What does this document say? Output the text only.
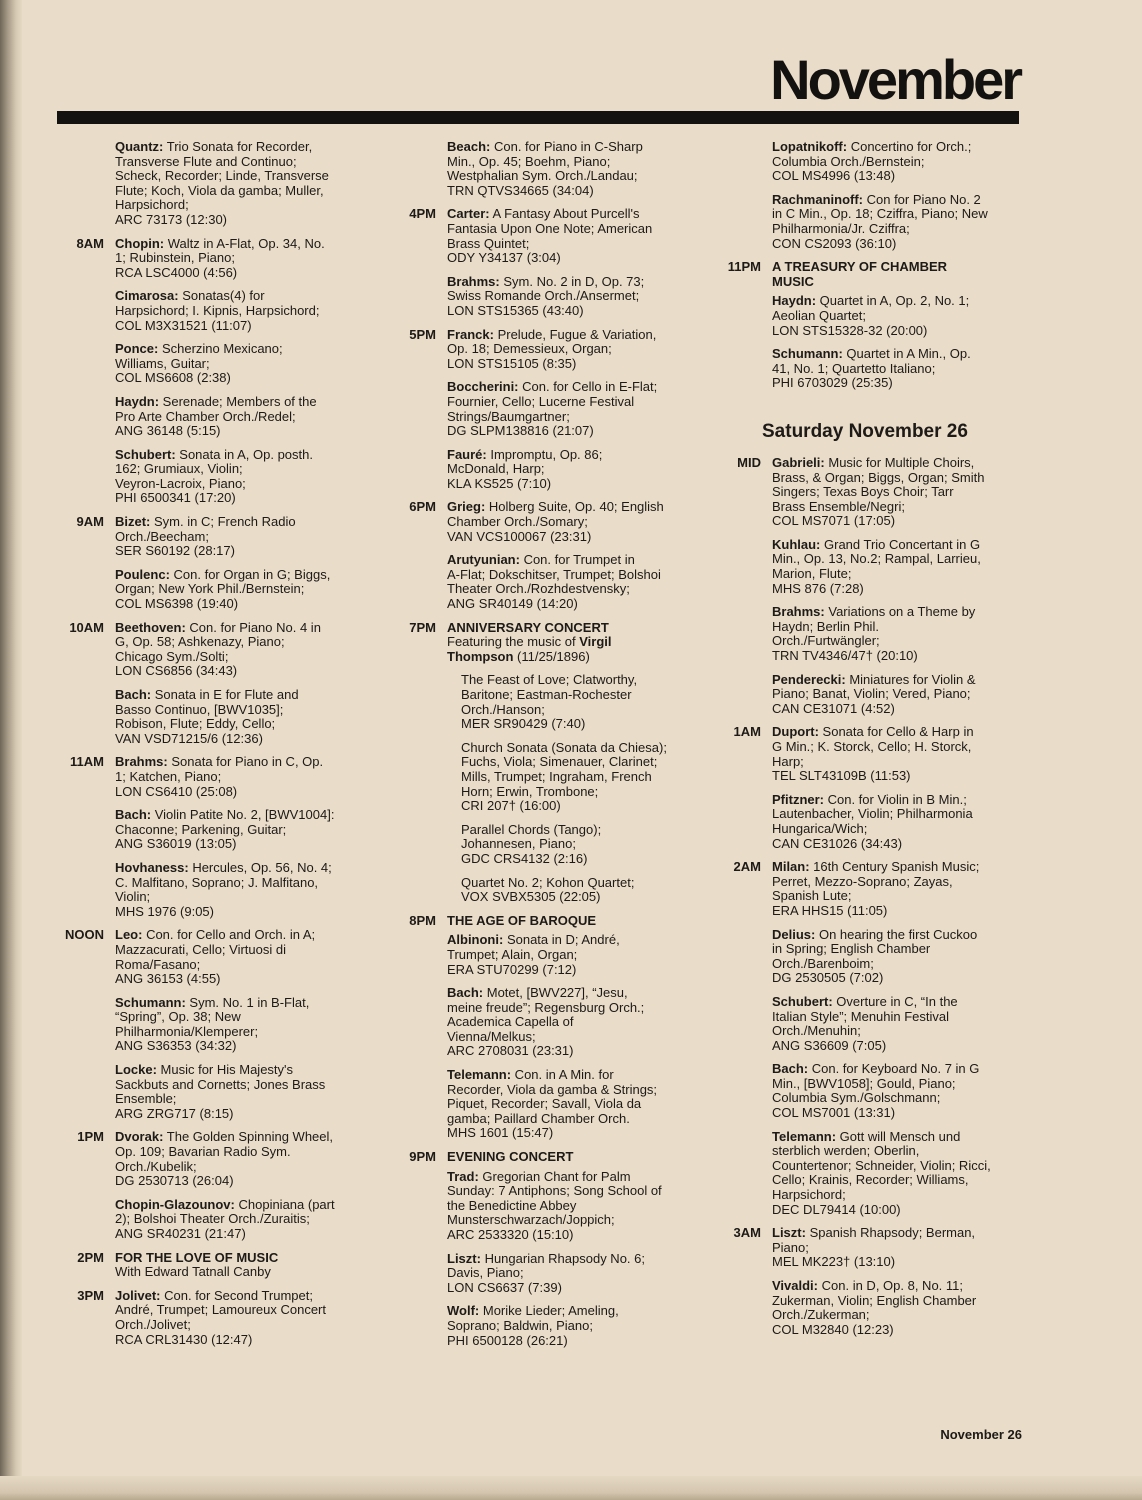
November
Quantz: Trio Sonata for Recorder,
Transverse Flute and Continuo;
Scheck, Recorder; Linde, Transverse
Flute; Koch, Viola da gamba; Muller,
Harpsichord;
ARC 73173 (12:30)
8AM Chopin: Waltz in A-Flat, Op. 34, No.
1; Rubinstein, Piano;
RCA LSC4000 (4:56)
Cimarosa: Sonatas(4) for
Harpsichord; I. Kipnis, Harpsichord;
COL M3X31521 (11:07)
Ponce: Scherzino Mexicano;
Williams, Guitar;
COL MS6608 (2:38)
Haydn: Serenade; Members of the
Pro Arte Chamber Orch./Redel;
ANG 36148 (5:15)
Schubert: Sonata in A, Op. posth.
162; Grumiaux, Violin;
Veyron-Lacroix, Piano;
PHI 6500341 (17:20)
9AM Bizet: Sym. in C; French Radio
Orch./Beecham;
SER S60192 (28:17)
Poulenc: Con. for Organ in G; Biggs,
Organ; New York Phil./Bernstein;
COL MS6398 (19:40)
10AM Beethoven: Con. for Piano No. 4 in
G, Op. 58; Ashkenazy, Piano;
Chicago Sym./Solti;
LON CS6856 (34:43)
Bach: Sonata in E for Flute and
Basso Continuo, [BWV1035];
Robison, Flute; Eddy, Cello;
VAN VSD71215/6 (12:36)
11AM Brahms: Sonata for Piano in C, Op.
1; Katchen, Piano;
LON CS6410 (25:08)
Bach: Violin Patite No. 2, [BWV1004]:
Chaconne; Parkening, Guitar;
ANG S36019 (13:05)
Hovhaness: Hercules, Op. 56, No. 4;
C. Malfitano, Soprano; J. Malfitano,
Violin;
MHS 1976 (9:05)
NOON Leo: Con. for Cello and Orch. in A;
Mazzacurati, Cello; Virtuosi di
Roma/Fasano;
ANG 36153 (4:55)
Schumann: Sym. No. 1 in B-Flat,
“Spring”, Op. 38; New
Philharmonia/Klemperer;
ANG S36353 (34:32)
Locke: Music for His Majesty's
Sackbuts and Cornetts; Jones Brass
Ensemble;
ARG ZRG717 (8:15)
1PM Dvorak: The Golden Spinning Wheel,
Op. 109; Bavarian Radio Sym.
Orch./Kubelik;
DG 2530713 (26:04)
Chopin-Glazounov: Chopiniana (part
2); Bolshoi Theater Orch./Zuraitis;
ANG SR40231 (21:47)
2PM FOR THE LOVE OF MUSIC
With Edward Tatnall Canby
3PM Jolivet: Con. for Second Trumpet;
André, Trumpet; Lamoureux Concert
Orch./Jolivet;
RCA CRL31430 (12:47)
Beach: Con. for Piano in C-Sharp
Min., Op. 45; Boehm, Piano;
Westphalian Sym. Orch./Landau;
TRN QTVS34665 (34:04)
4PM Carter: A Fantasy About Purcell's
Fantasia Upon One Note; American
Brass Quintet;
ODY Y34137 (3:04)
Brahms: Sym. No. 2 in D, Op. 73;
Swiss Romande Orch./Ansermet;
LON STS15365 (43:40)
5PM Franck: Prelude, Fugue & Variation,
Op. 18; Demessieux, Organ;
LON STS15105 (8:35)
Boccherini: Con. for Cello in E-Flat;
Fournier, Cello; Lucerne Festival
Strings/Baumgartner;
DG SLPM138816 (21:07)
Fauré: Impromptu, Op. 86;
McDonald, Harp;
KLA KS525 (7:10)
6PM Grieg: Holberg Suite, Op. 40; English
Chamber Orch./Somary;
VAN VCS100067 (23:31)
Arutyunian: Con. for Trumpet in
A-Flat; Dokschitser, Trumpet; Bolshoi
Theater Orch./Rozhdestvensky;
ANG SR40149 (14:20)
7PM ANNIVERSARY CONCERT
Featuring the music of Virgil
Thompson (11/25/1896)
The Feast of Love; Clatworthy,
Baritone; Eastman-Rochester
Orch./Hanson;
MER SR90429 (7:40)
Church Sonata (Sonata da Chiesa);
Fuchs, Viola; Simenauer, Clarinet;
Mills, Trumpet; Ingraham, French
Horn; Erwin, Trombone;
CRI 207† (16:00)
Parallel Chords (Tango);
Johannesen, Piano;
GDC CRS4132 (2:16)
Quartet No. 2; Kohon Quartet;
VOX SVBX5305 (22:05)
8PM THE AGE OF BAROQUE
Albinoni: Sonata in D; André,
Trumpet; Alain, Organ;
ERA STU70299 (7:12)
Bach: Motet, [BWV227], “Jesu,
meine freude”; Regensburg Orch.;
Academica Capella of
Vienna/Melkus;
ARC 2708031 (23:31)
Telemann: Con. in A Min. for
Recorder, Viola da gamba & Strings;
Piquet, Recorder; Savall, Viola da
gamba; Paillard Chamber Orch.
MHS 1601 (15:47)
9PM EVENING CONCERT
Trad: Gregorian Chant for Palm
Sunday: 7 Antiphons; Song School of
the Benedictine Abbey
Munsterschwarzach/Joppich;
ARC 2533320 (15:10)
Liszt: Hungarian Rhapsody No. 6;
Davis, Piano;
LON CS6637 (7:39)
Wolf: Morike Lieder; Ameling,
Soprano; Baldwin, Piano;
PHI 6500128 (26:21)
Lopatnikoff: Concertino for Orch.;
Columbia Orch./Bernstein;
COL MS4996 (13:48)
Rachmaninoff: Con for Piano No. 2
in C Min., Op. 18; Cziffra, Piano; New
Philharmonia/Jr. Cziffra;
CON CS2093 (36:10)
11PM A TREASURY OF CHAMBER
MUSIC
Haydn: Quartet in A, Op. 2, No. 1;
Aeolian Quartet;
LON STS15328-32 (20:00)
Schumann: Quartet in A Min., Op.
41, No. 1; Quartetto Italiano;
PHI 6703029 (25:35)
Saturday November 26
MID Gabrieli: Music for Multiple Choirs,
Brass, & Organ; Biggs, Organ; Smith
Singers; Texas Boys Choir; Tarr
Brass Ensemble/Negri;
COL MS7071 (17:05)
Kuhlau: Grand Trio Concertant in G
Min., Op. 13, No.2; Rampal, Larrieu,
Marion, Flute;
MHS 876 (7:28)
Brahms: Variations on a Theme by
Haydn; Berlin Phil.
Orch./Furtwängler;
TRN TV4346/47† (20:10)
Penderecki: Miniatures for Violin &
Piano; Banat, Violin; Vered, Piano;
CAN CE31071 (4:52)
1AM Duport: Sonata for Cello & Harp in
G Min.; K. Storck, Cello; H. Storck,
Harp;
TEL SLT43109B (11:53)
Pfitzner: Con. for Violin in B Min.;
Lautenbacher, Violin; Philharmonia
Hungarica/Wich;
CAN CE31026 (34:43)
2AM Milan: 16th Century Spanish Music;
Perret, Mezzo-Soprano; Zayas,
Spanish Lute;
ERA HHS15 (11:05)
Delius: On hearing the first Cuckoo
in Spring; English Chamber
Orch./Barenboim;
DG 2530505 (7:02)
Schubert: Overture in C, “In the
Italian Style”; Menuhin Festival
Orch./Menuhin;
ANG S36609 (7:05)
Bach: Con. for Keyboard No. 7 in G
Min., [BWV1058]; Gould, Piano;
Columbia Sym./Golschmann;
COL MS7001 (13:31)
Telemann: Gott will Mensch und
sterblich werden; Oberlin,
Countertenor; Schneider, Violin; Ricci,
Cello; Krainis, Recorder; Williams,
Harpsichord;
DEC DL79414 (10:00)
3AM Liszt: Spanish Rhapsody; Berman,
Piano;
MEL MK223† (13:10)
Vivaldi: Con. in D, Op. 8, No. 11;
Zukerman, Violin; English Chamber
Orch./Zukerman;
COL M32840 (12:23)
November 26
